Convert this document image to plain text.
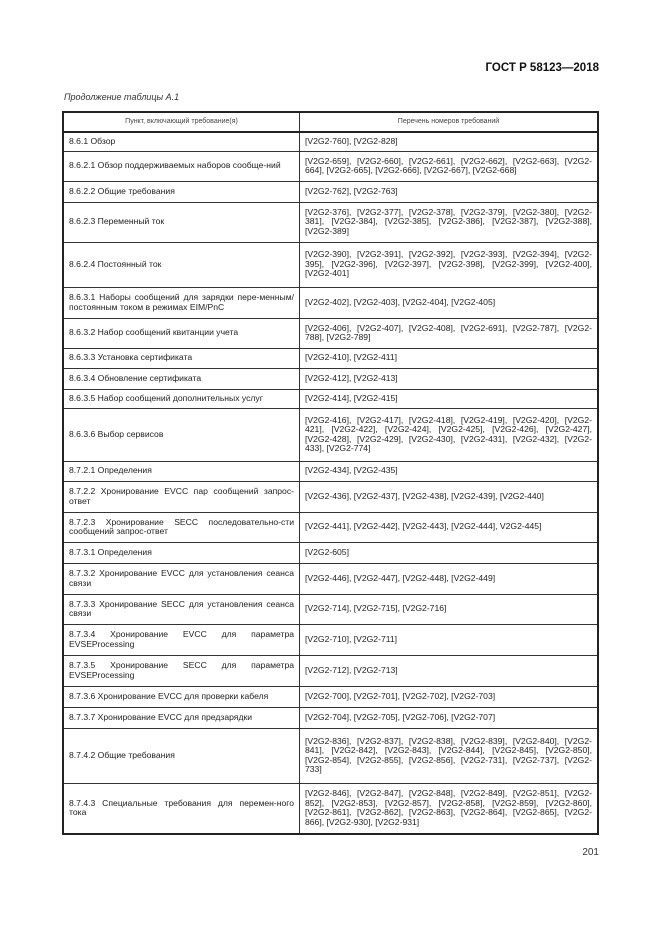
ГОСТ Р 58123—2018
Продолжение таблицы А.1
Пункт, включающий требование(я)	Перечень номеров требований
8.6.1 Обзор	[V2G2-760], [V2G2-828]
8.6.2.1 Обзор поддерживаемых наборов сообще-ний	[V2G2-659], [V2G2-660], [V2G2-661], [V2G2-662], [V2G2-663], [V2G2-664], [V2G2-665], [V2G2-666], [V2G2-667], [V2G2-668]
8.6.2.2 Общие требования	[V2G2-762], [V2G2-763]
8.6.2.3 Переменный ток	[V2G2-376], [V2G2-377], [V2G2-378], [V2G2-379], [V2G2-380], [V2G2-381], [V2G2-384], [V2G2-385], [V2G2-386], [V2G2-387], [V2G2-388], [V2G2-389]
8.6.2.4 Постоянный ток	[V2G2-390], [V2G2-391], [V2G2-392], [V2G2-393], [V2G2-394], [V2G2-395], [V2G2-396], [V2G2-397], [V2G2-398], [V2G2-399], [V2G2-400], [V2G2-401]
8.6.3.1 Наборы сообщений для зарядки пере-менным/постоянным током в режимах EIM/PnC	[V2G2-402], [V2G2-403], [V2G2-404], [V2G2-405]
8.6.3.2 Набор сообщений квитанции учета	[V2G2-406], [V2G2-407], [V2G2-408], [V2G2-691], [V2G2-787], [V2G2-788], [V2G2-789]
8.6.3.3 Установка сертификата	[V2G2-410], [V2G2-411]
8.6.3.4 Обновление сертификата	[V2G2-412], [V2G2-413]
8.6.3.5 Набор сообщений дополнительных услуг	[V2G2-414], [V2G2-415]
8.6.3.6 Выбор сервисов	[V2G2-416], [V2G2-417], [V2G2-418], [V2G2-419], [V2G2-420], [V2G2-421], [V2G2-422], [V2G2-424], [V2G2-425], [V2G2-426], [V2G2-427], [V2G2-428], [V2G2-429], [V2G2-430], [V2G2-431], [V2G2-432], [V2G2-433], [V2G2-774]
8.7.2.1 Определения	[V2G2-434], [V2G2-435]
8.7.2.2 Хронирование EVCC пар сообщений запрос-ответ	[V2G2-436], [V2G2-437], [V2G2-438], [V2G2-439], [V2G2-440]
8.7.2.3 Хронирование SECC последовательно-сти сообщений запрос-ответ	[V2G2-441], [V2G2-442], [V2G2-443], [V2G2-444], V2G2-445]
8.7.3.1 Определения	[V2G2-605]
8.7.3.2 Хронирование EVCC для установления сеанса связи	[V2G2-446], [V2G2-447], [V2G2-448], [V2G2-449]
8.7.3.3 Хронирование SECC для установления сеанса связи	[V2G2-714], [V2G2-715], [V2G2-716]
8.7.3.4 Хронирование EVCC для параметра EVSEProcessing	[V2G2-710], [V2G2-711]
8.7.3.5 Хронирование SECC для параметра EVSEProcessing	[V2G2-712], [V2G2-713]
8.7.3.6 Хронирование EVCC для проверки кабеля	[V2G2-700], [V2G2-701], [V2G2-702], [V2G2-703]
8.7.3.7 Хронирование EVCC для предзарядки	[V2G2-704], [V2G2-705], [V2G2-706], [V2G2-707]
8.7.4.2 Общие требования	[V2G2-836], [V2G2-837], [V2G2-838], [V2G2-839], [V2G2-840], [V2G2-841], [V2G2-842], [V2G2-843], [V2G2-844], [V2G2-845], [V2G2-850], [V2G2-854], [V2G2-855], [V2G2-856], [V2G2-731], [V2G2-737], [V2G2-733]
8.7.4.3 Специальные требования для перемен-ного тока	[V2G2-846], [V2G2-847], [V2G2-848], [V2G2-849], [V2G2-851], [V2G2-852], [V2G2-853], [V2G2-857], [V2G2-858], [V2G2-859], [V2G2-860], [V2G2-861], [V2G2-862], [V2G2-863], [V2G2-864], [V2G2-865], [V2G2-866], [V2G2-930], [V2G2-931]
201
